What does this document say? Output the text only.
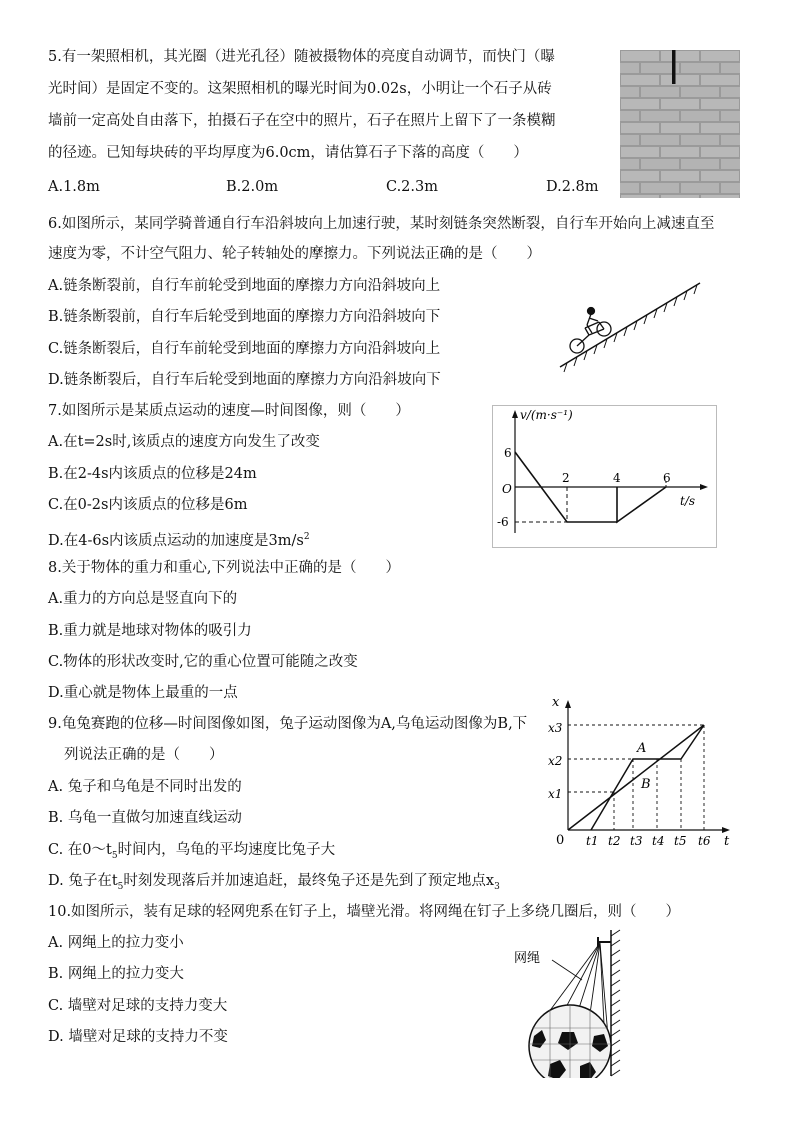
5.有一架照相机，其光圈（进光孔径）随被摄物体的亮度自动调节，而快门（曝
光时间）是固定不变的。这架照相机的曝光时间为0.02s，小明让一个石子从砖
墙前一定高处自由落下，拍摄石子在空中的照片，石子在照片上留下了一条模糊
的径迹。已知每块砖的平均厚度为6.0cm，请估算石子下落的高度（　　）
A.1.8m	B.2.0m	C.2.3m	D.2.8m
6.如图所示，某同学骑普通自行车沿斜坡向上加速行驶，某时刻链条突然断裂，自行车开始向上减速直至
速度为零，不计空气阻力、轮子转轴处的摩擦力。下列说法正确的是（　　）
A.链条断裂前，自行车前轮受到地面的摩擦力方向沿斜坡向上
B.链条断裂前，自行车后轮受到地面的摩擦力方向沿斜坡向下
C.链条断裂后，自行车前轮受到地面的摩擦力方向沿斜坡向上
D.链条断裂后，自行车后轮受到地面的摩擦力方向沿斜坡向下
7.如图所示是某质点运动的速度—时间图像，则（　　）
A.在t=2s时,该质点的速度方向发生了改变
B.在2-4s内该质点的位移是24m
C.在0-2s内该质点的位移是6m
D.在4-6s内该质点运动的加速度是$3m/s^2$
v/(m·s⁻¹)
t/s
O
6
-6
2	4	6
8.关于物体的重力和重心,下列说法中正确的是（　　）
A.重力的方向总是竖直向下的
B.重力就是地球对物体的吸引力
C.物体的形状改变时,它的重心位置可能随之改变
D.重心就是物体上最重的一点
9.龟兔赛跑的位移—时间图像如图，兔子运动图像为A,乌龟运动图像为B,下
列说法正确的是（　　）
A. 兔子和乌龟是不同时出发的
B. 乌龟一直做匀加速直线运动
C. 在$0\sim t_5$时间内，乌龟的平均速度比兔子大
D. 兔子在$t_5$时刻发现落后并加速追赶，最终兔子还是先到了预定地点$x_3$
x
t
0
x3
x2
x1
t1 t2 t3 t4 t5 t6
A
B
10.如图所示，装有足球的轻网兜系在钉子上，墙壁光滑。将网绳在钉子上多绕几圈后，则（　　）
A. 网绳上的拉力变小
B. 网绳上的拉力变大
C. 墙壁对足球的支持力变大
D. 墙壁对足球的支持力不变
网绳
